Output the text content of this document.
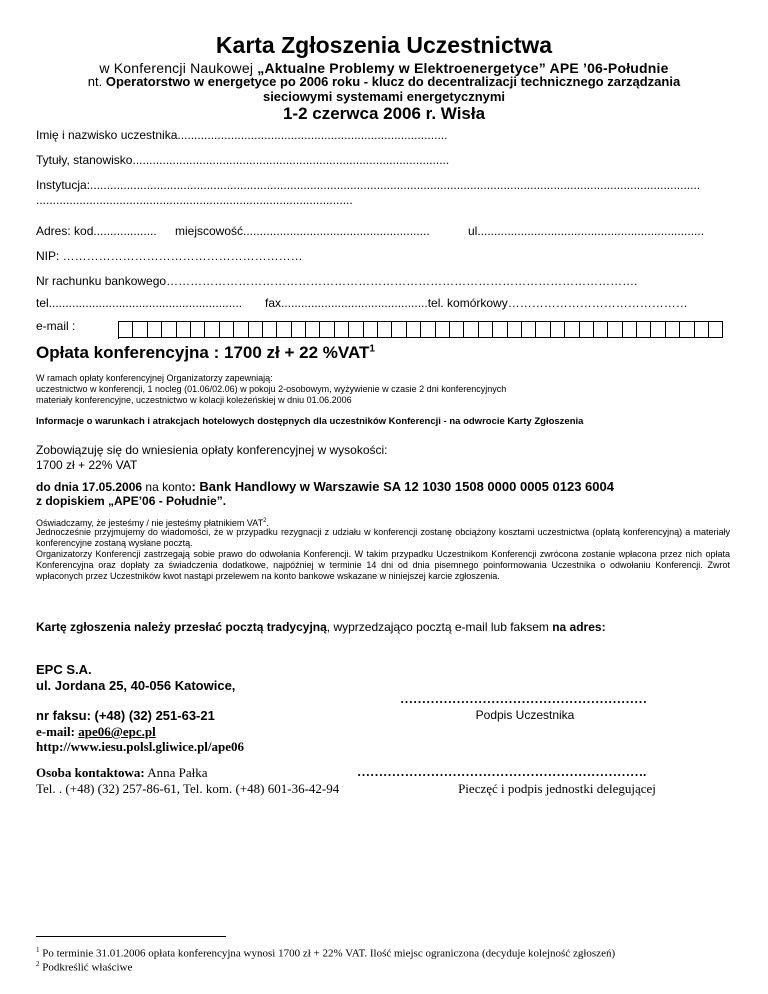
Karta Zgłoszenia Uczestnictwa
w Konferencji Naukowej „Aktualne Problemy w Elektroenergetyce” APE ’06-Południe
nt. Operatorstwo w energetyce po 2006 roku - klucz do decentralizacji technicznego zarządzania
sieciowymi systemami energetycznymi
1-2 czerwca 2006 r. Wisła
Imię i nazwisko uczestnika.................................................................................
Tytuły, stanowisko...............................................................................................
Instytucja:.......................................................................................................................................................................................
...............................................................................................
Adres: kod................... miejscowość........................................................	ul....................................................................
NIP: ……………………………………………………
Nr rachunku bankowego……………………………………………………………………………………………………….
tel.......................................................... fax............................................tel. komórkowy………………………………………
e-mail :
Opłata konferencyjna : 1700 zł + 22 %VAT$^1$
W ramach opłaty konferencyjnej Organizatorzy zapewniają:
uczestnictwo w konferencji, 1 nocleg (01.06/02.06) w pokoju 2-osobowym, wyżywienie w czasie 2 dni konferencyjnych
materiały konferencyjne, uczestnictwo w kolacji koleżeńskiej w dniu 01.06.2006
Informacje o warunkach i atrakcjach hotelowych dostępnych dla uczestników Konferencji - na odwrocie Karty Zgłoszenia
Zobowiązuję się do wniesienia opłaty konferencyjnej w wysokości:
1700 zł + 22% VAT
do dnia 17.05.2006 na konto: Bank Handlowy w Warszawie SA 12 1030 1508 0000 0005 0123 6004
z dopiskiem „APE’06 - Południe”.
Oświadczamy, że jesteśmy / nie jesteśmy płatnikiem VAT$^2$.
Jednocześnie przyjmujemy do wiadomości, że w przypadku rezygnacji z udziału w konferencji zostanę obciążony kosztami uczestnictwa (opłatą konferencyjną) a materiały konferencyjne zostaną wysłane pocztą.
Organizatorzy Konferencji zastrzegają sobie prawo do odwołania Konferencji. W takim przypadku Uczestnikom Konferencji zwrócona zostanie wpłacona przez nich opłata Konferencyjna oraz dopłaty za świadczenia dodatkowe, najpóźniej w terminie 14 dni od dnia pisemnego poinformowania Uczestnika o odwołaniu Konferencji. Zwrot wpłaconych przez Uczestników kwot nastąpi przelewem na konto bankowe wskazane w niniejszej karcie zgłoszenia.
Kartę zgłoszenia należy przesłać pocztą tradycyjną, wyprzedzająco pocztą e-mail lub faksem na adres:
EPC S.A.
ul. Jordana 25, 40-056 Katowice,
nr faksu: (+48) (32) 251-63-21
e-mail: ape06@epc.pl
http://www.iesu.polsl.gliwice.pl/ape06
…………………………………………………
Podpis Uczestnika
………………………………………………………….
Pieczęć i podpis jednostki delegującej
Osoba kontaktowa: Anna Pałka
Tel. . (+48) (32) 257-86-61, Tel. kom. (+48) 601-36-42-94
$^1$ Po terminie 31.01.2006 opłata konferencyjna wynosi 1700 zł + 22% VAT. Ilość miejsc ograniczona (decyduje kolejność zgłoszeń)
$^2$ Podkreślić właściwe
